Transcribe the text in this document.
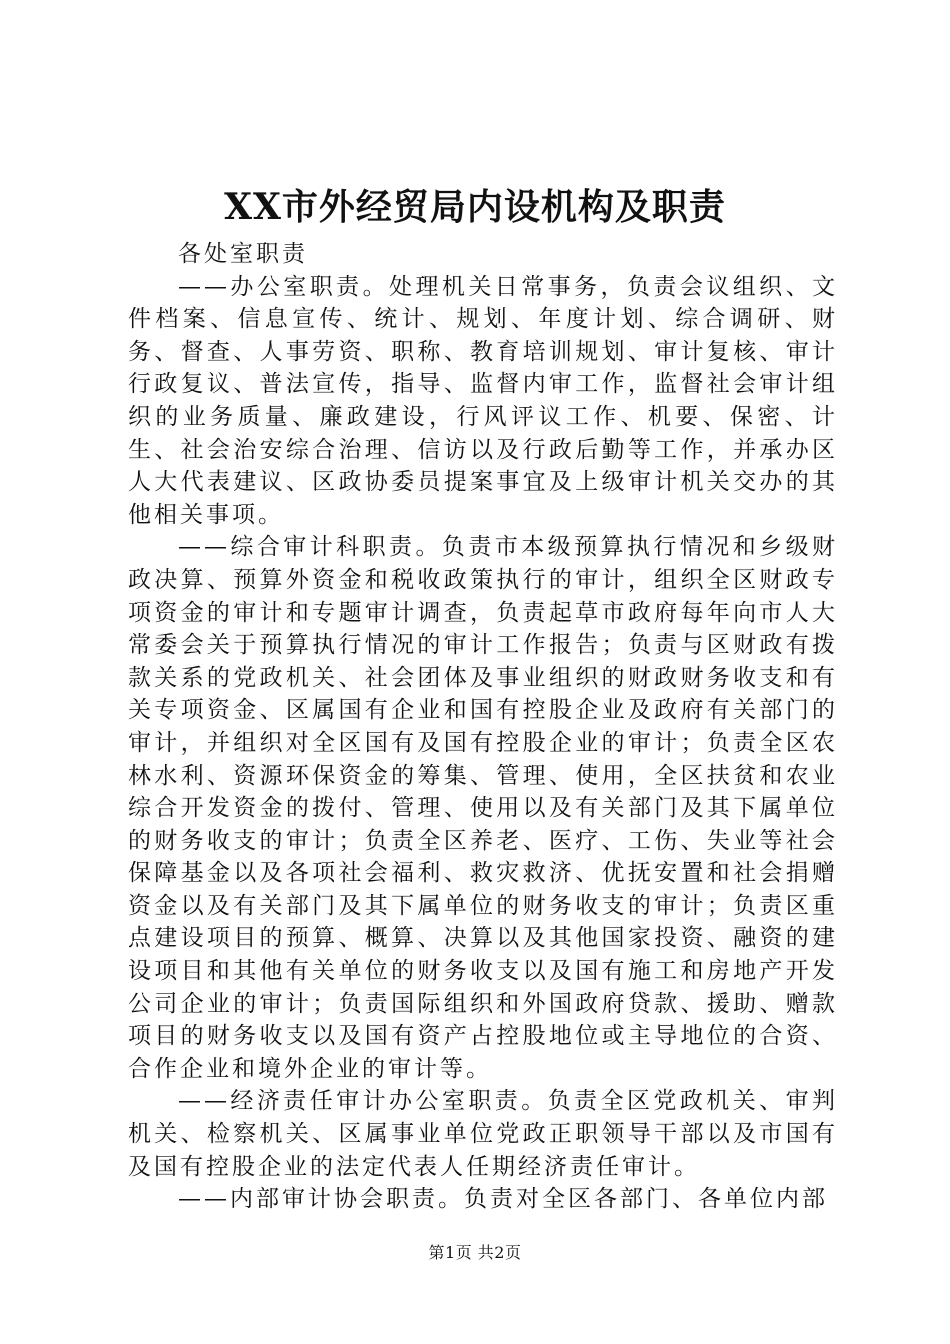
XX市外经贸局内设机构及职责

各处室职责

——办公室职责。处理机关日常事务，负责会议组织、文件档案、信息宣传、统计、规划、年度计划、综合调研、财务、督查、人事劳资、职称、教育培训规划、审计复核、审计行政复议、普法宣传，指导、监督内审工作，监督社会审计组织的业务质量、廉政建设，行风评议工作、机要、保密、计生、社会治安综合治理、信访以及行政后勤等工作，并承办区人大代表建议、区政协委员提案事宜及上级审计机关交办的其他相关事项。

——综合审计科职责。负责市本级预算执行情况和乡级财政决算、预算外资金和税收政策执行的审计，组织全区财政专项资金的审计和专题审计调查，负责起草市政府每年向市人大常委会关于预算执行情况的审计工作报告；负责与区财政有拨款关系的党政机关、社会团体及事业组织的财政财务收支和有关专项资金、区属国有企业和国有控股企业及政府有关部门的审计，并组织对全区国有及国有控股企业的审计；负责全区农林水利、资源环保资金的筹集、管理、使用，全区扶贫和农业综合开发资金的拨付、管理、使用以及有关部门及其下属单位的财务收支的审计；负责全区养老、医疗、工伤、失业等社会保障基金以及各项社会福利、救灾救济、优抚安置和社会捐赠资金以及有关部门及其下属单位的财务收支的审计；负责区重点建设项目的预算、概算、决算以及其他国家投资、融资的建设项目和其他有关单位的财务收支以及国有施工和房地产开发公司企业的审计；负责国际组织和外国政府贷款、援助、赠款项目的财务收支以及国有资产占控股地位或主导地位的合资、合作企业和境外企业的审计等。

——经济责任审计办公室职责。负责全区党政机关、审判机关、检察机关、区属事业单位党政正职领导干部以及市国有及国有控股企业的法定代表人任期经济责任审计。

——内部审计协会职责。负责对全区各部门、各单位内部

第1页 共2页
